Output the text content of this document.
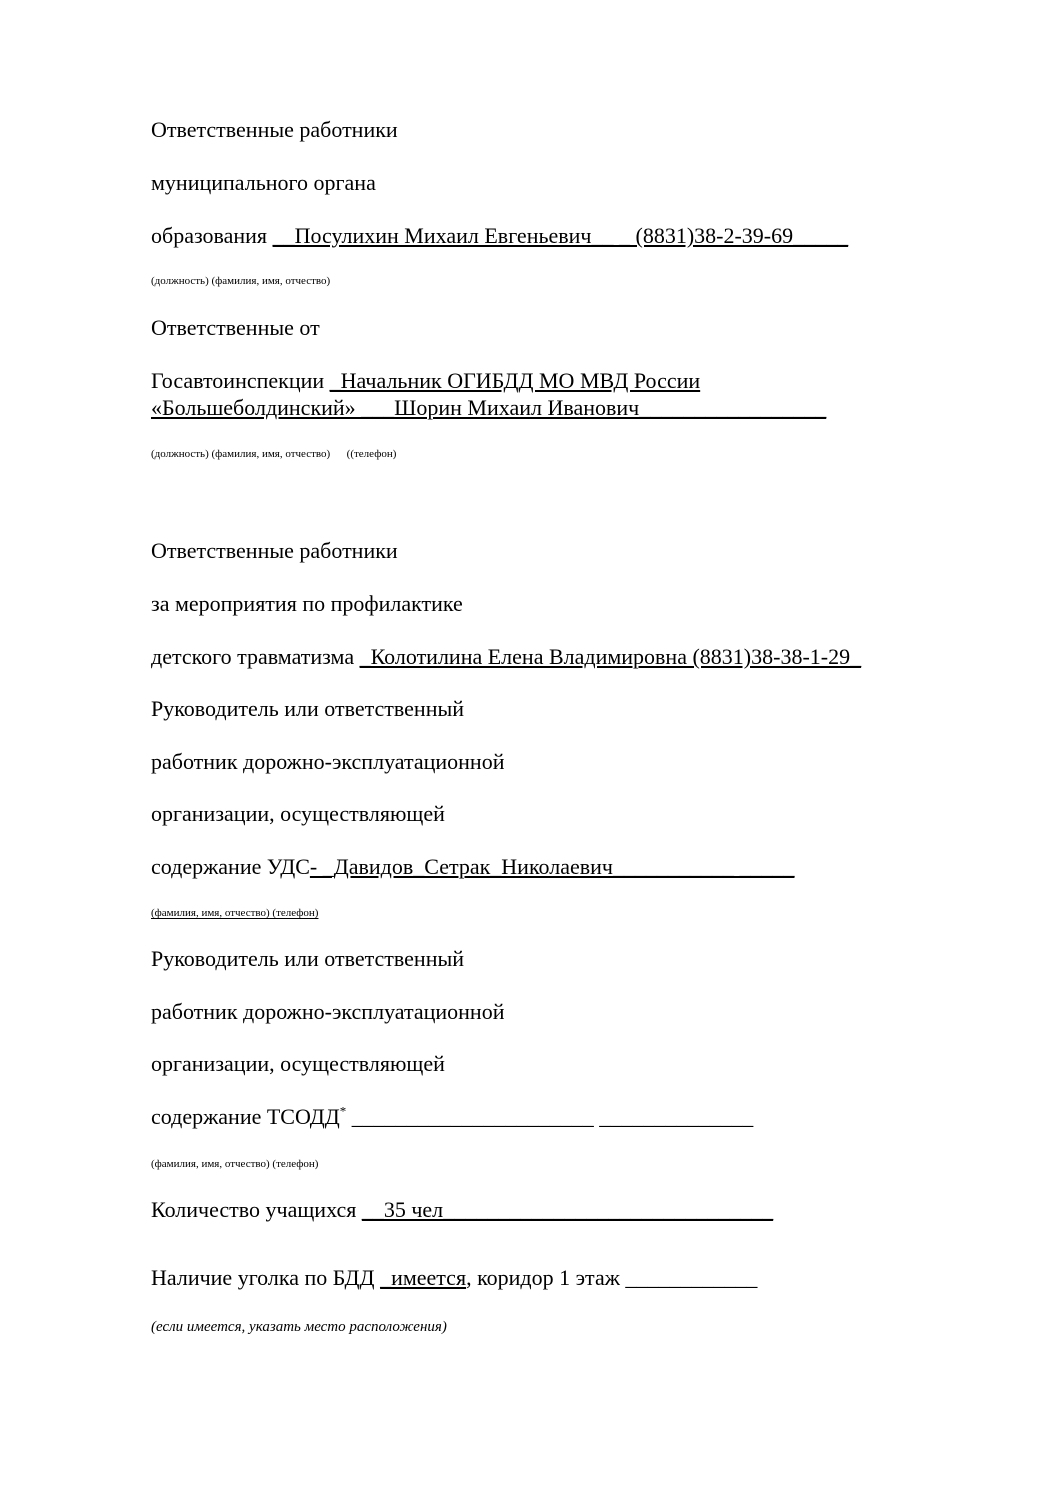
Ответственные работники
муниципального органа
образования __Посулихин Михаил Евгеньевич__ _ (8831)38-2-39-69_____
(должность) (фамилия, имя, отчество)
Ответственные от
Госавтоинспекции _Начальник ОГИБДД МО МВД России
«Большеболдинский» ___Шорин Михаил Иванович_________________
(должность) (фамилия, имя, отчество)      ((телефон)
Ответственные работники
за мероприятия по профилактике
детского травматизма _Колотилина Елена Владимировна (8831)38-38-1-29_
Руководитель или ответственный
работник дорожно-эксплуатационной
организации, осуществляющей
содержание УДС- _Давидов_Сетрак_Николаевич___________ _____
(фамилия, имя, отчество) (телефон)
Руководитель или ответственный
работник дорожно-эксплуатационной
организации, осуществляющей
содержание ТСОДД* ______________________ ______________
(фамилия, имя, отчество) (телефон)
Количество учащихся __35 чел______________________________
Наличие уголка по БДД _имеется, коридор 1 этаж ____________
(если имеется, указать место расположения)
